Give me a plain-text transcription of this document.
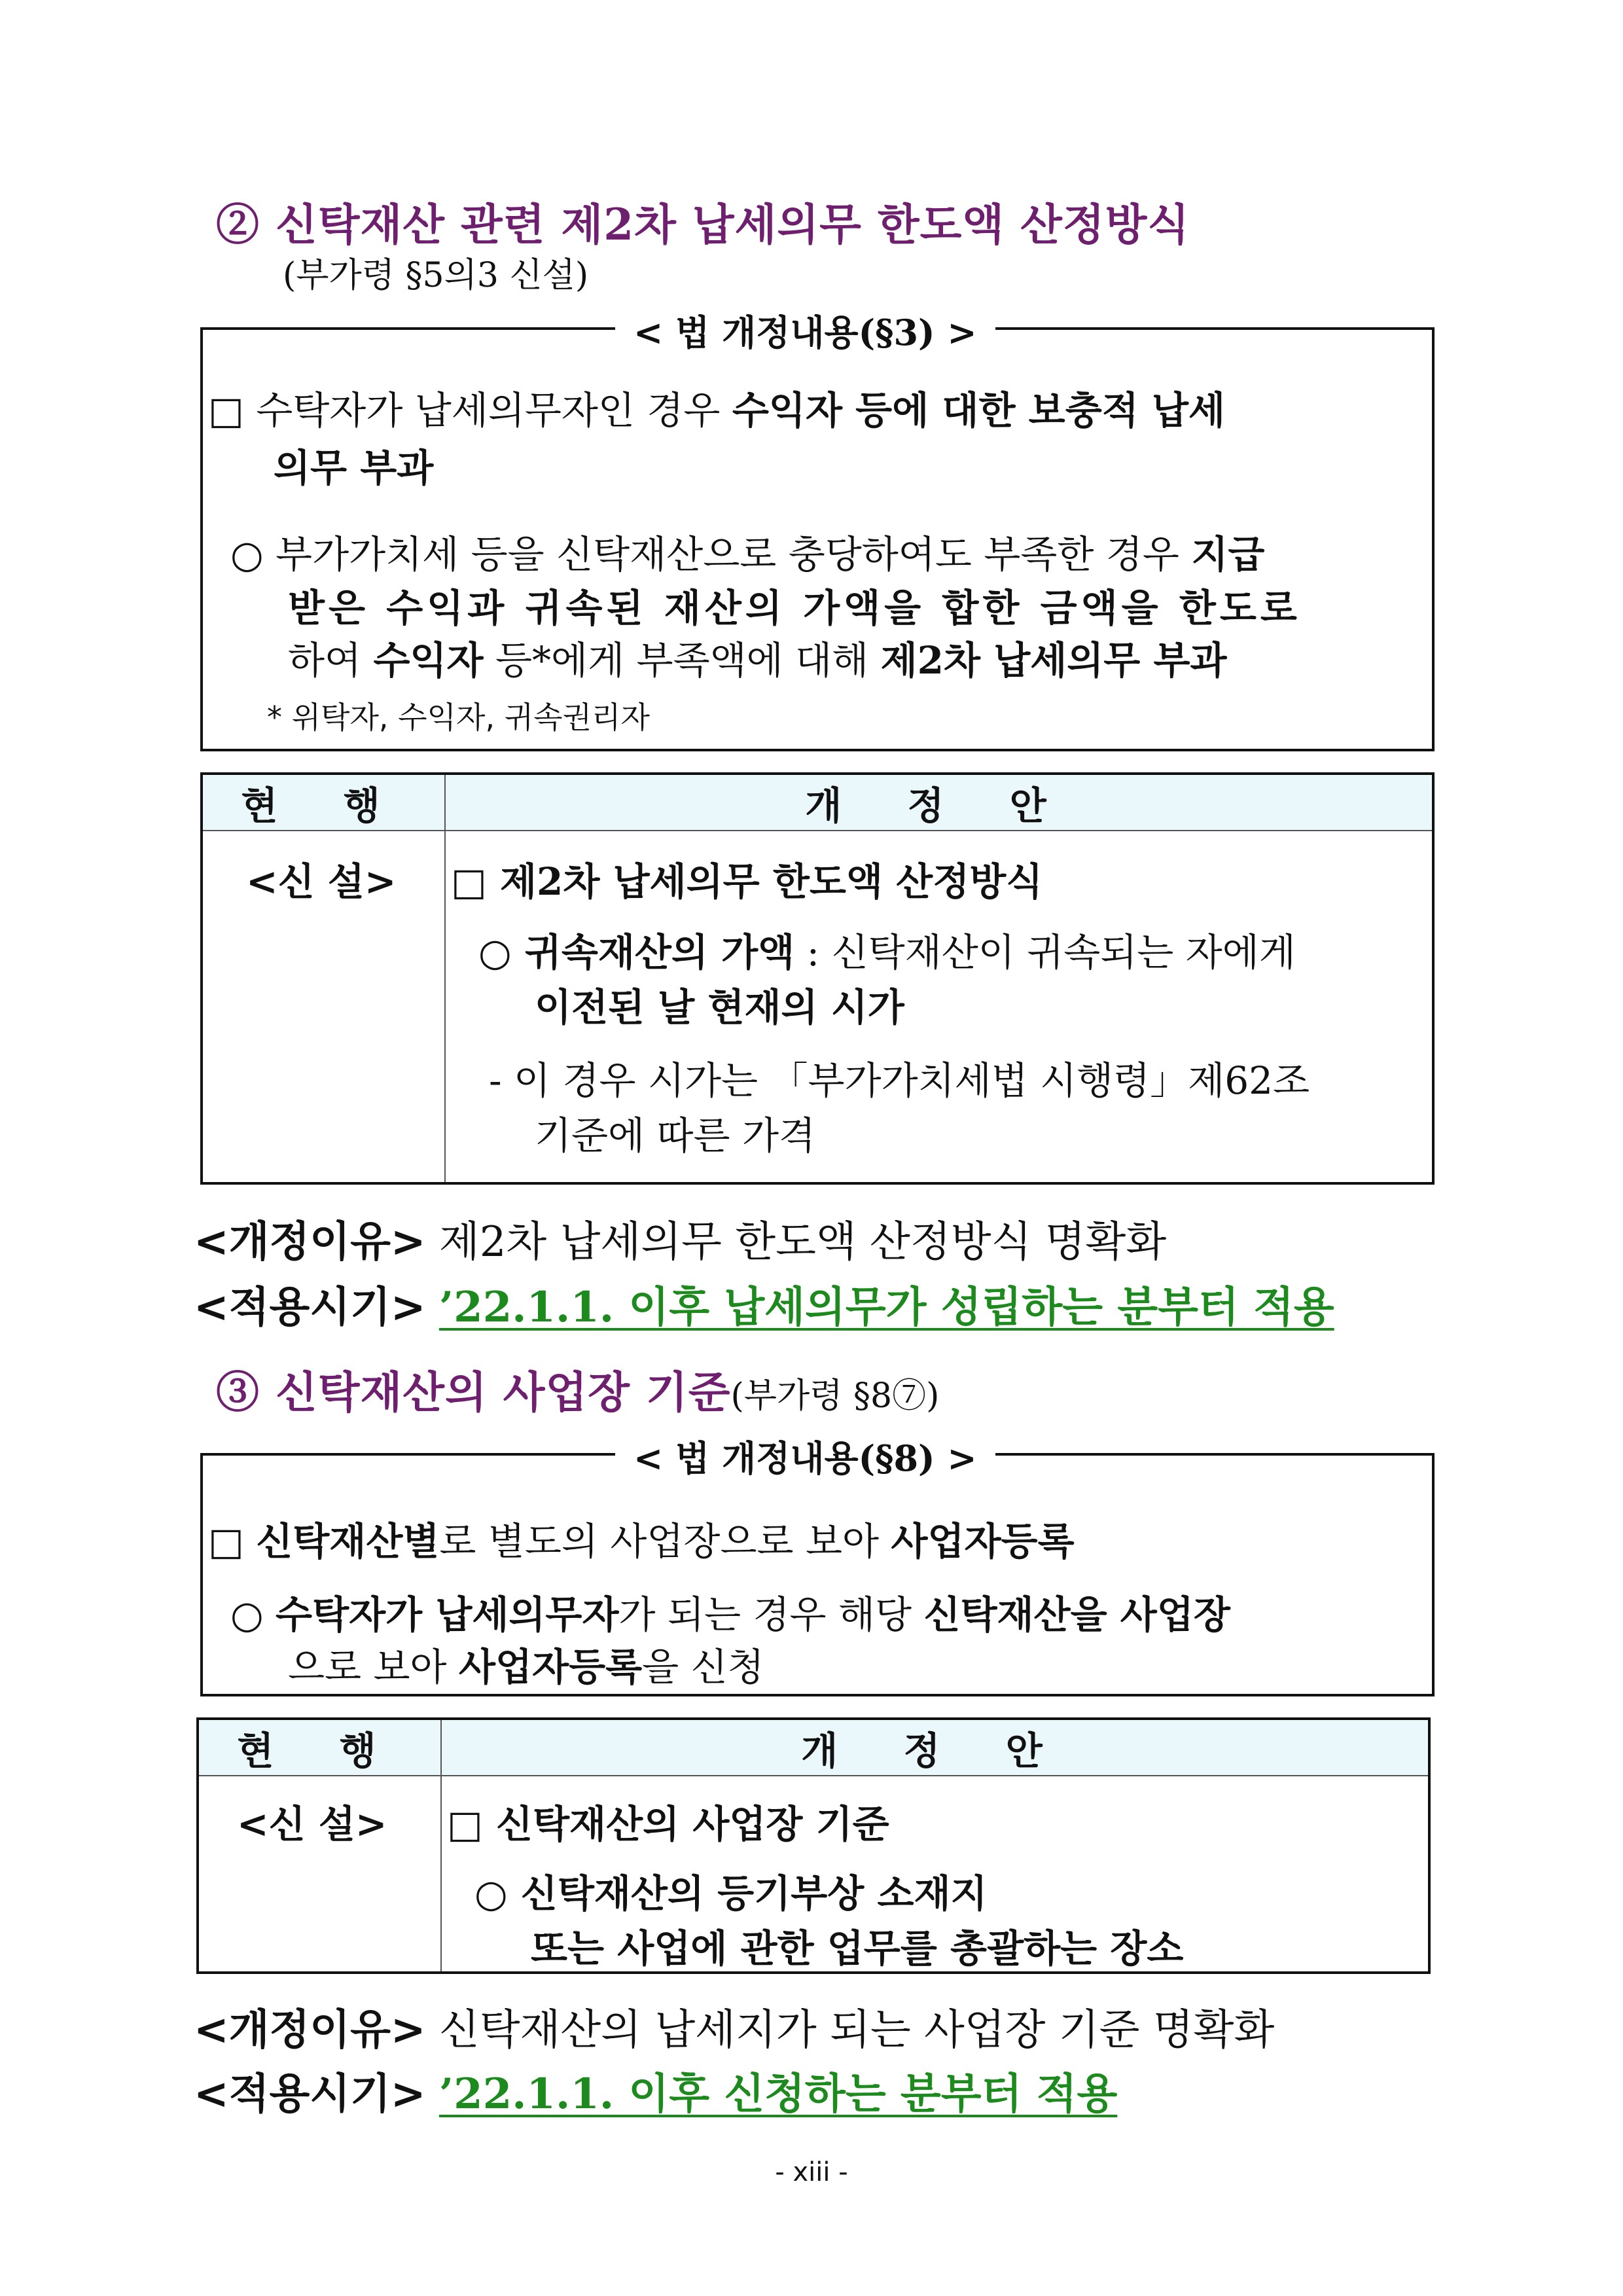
② 신탁재산 관련 제2차 납세의무 한도액 산정방식
(부가령 §5의3 신설)
< 법 개정내용(§3) >
□ 수탁자가 납세의무자인 경우 수익자 등에 대한 보충적 납세
의무 부과
○ 부가가치세 등을 신탁재산으로 충당하여도 부족한 경우 지급
받은 수익과 귀속된 재산의 가액을 합한 금액을 한도로
하여 수익자 등*에게 부족액에 대해 제2차 납세의무 부과
* 위탁자, 수익자, 귀속권리자
현 행	개 정 안

<신 설>	□ 제2차 납세의무 한도액 산정방식
○ 귀속재산의 가액 : 신탁재산이 귀속되는 자에게
이전된 날 현재의 시가
- 이 경우 시가는 「부가가치세법 시행령」제62조
기준에 따른 가격
<개정이유> 제2차 납세의무 한도액 산정방식 명확화
<적용시기> ’22.1.1. 이후 납세의무가 성립하는 분부터 적용
③ 신탁재산의 사업장 기준(부가령 §8⑦)
< 법 개정내용(§8) >
□ 신탁재산별로 별도의 사업장으로 보아 사업자등록
○ 수탁자가 납세의무자가 되는 경우 해당 신탁재산을 사업장
으로 보아 사업자등록을 신청
현 행	개 정 안

<신 설>	□ 신탁재산의 사업장 기준
○ 신탁재산의 등기부상 소재지
또는 사업에 관한 업무를 총괄하는 장소
<개정이유> 신탁재산의 납세지가 되는 사업장 기준 명확화
<적용시기> ’22.1.1. 이후 신청하는 분부터 적용
- xiii -
